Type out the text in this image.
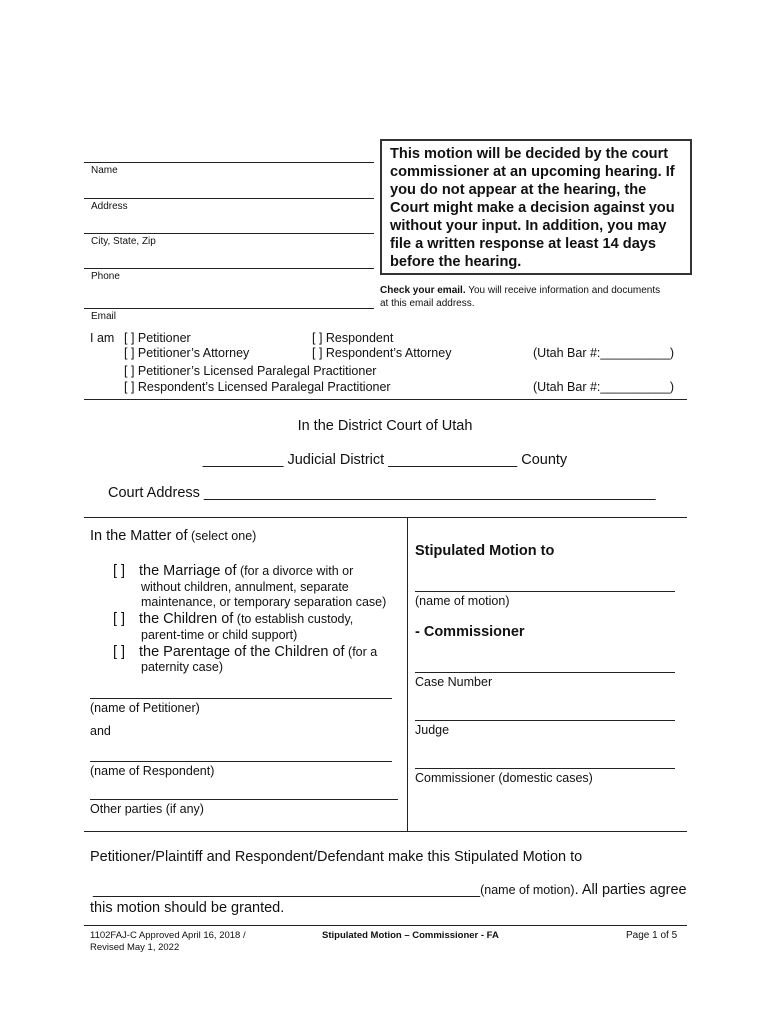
Name
Address
City, State, Zip
Phone
Email
This motion will be decided by the court commissioner at an upcoming hearing. If you do not appear at the hearing, the Court might make a decision against you without your input. In addition, you may file a written response at least 14 days before the hearing.
Check your email. You will receive information and documents at this email address.
I am [ ] Petitioner	[ ] Respondent
[ ] Petitioner’s Attorney	[ ] Respondent’s Attorney	(Utah Bar #:__________)
[ ] Petitioner’s Licensed Paralegal Practitioner
[ ] Respondent’s Licensed Paralegal Practitioner	(Utah Bar #:__________)
In the District Court of Utah
__________ Judicial District ________________ County
Court Address ________________________________________________________
In the Matter of (select one)
[ ] the Marriage of (for a divorce with or
without children, annulment, separate
maintenance, or temporary separation case)
[ ] the Children of (to establish custody,
parent-time or child support)
[ ] the Parentage of the Children of (for a
paternity case)
(name of Petitioner)
and
(name of Respondent)
Other parties (if any)
Stipulated Motion to
(name of motion)
- Commissioner
Case Number
Judge
Commissioner (domestic cases)
Petitioner/Plaintiff and Respondent/Defendant make this Stipulated Motion to
________________________________________________(name of motion). All parties agree
this motion should be granted.
1102FAJ-C Approved April 16, 2018 /
Revised May 1, 2022
Stipulated Motion – Commissioner - FA	Page 1 of 5
